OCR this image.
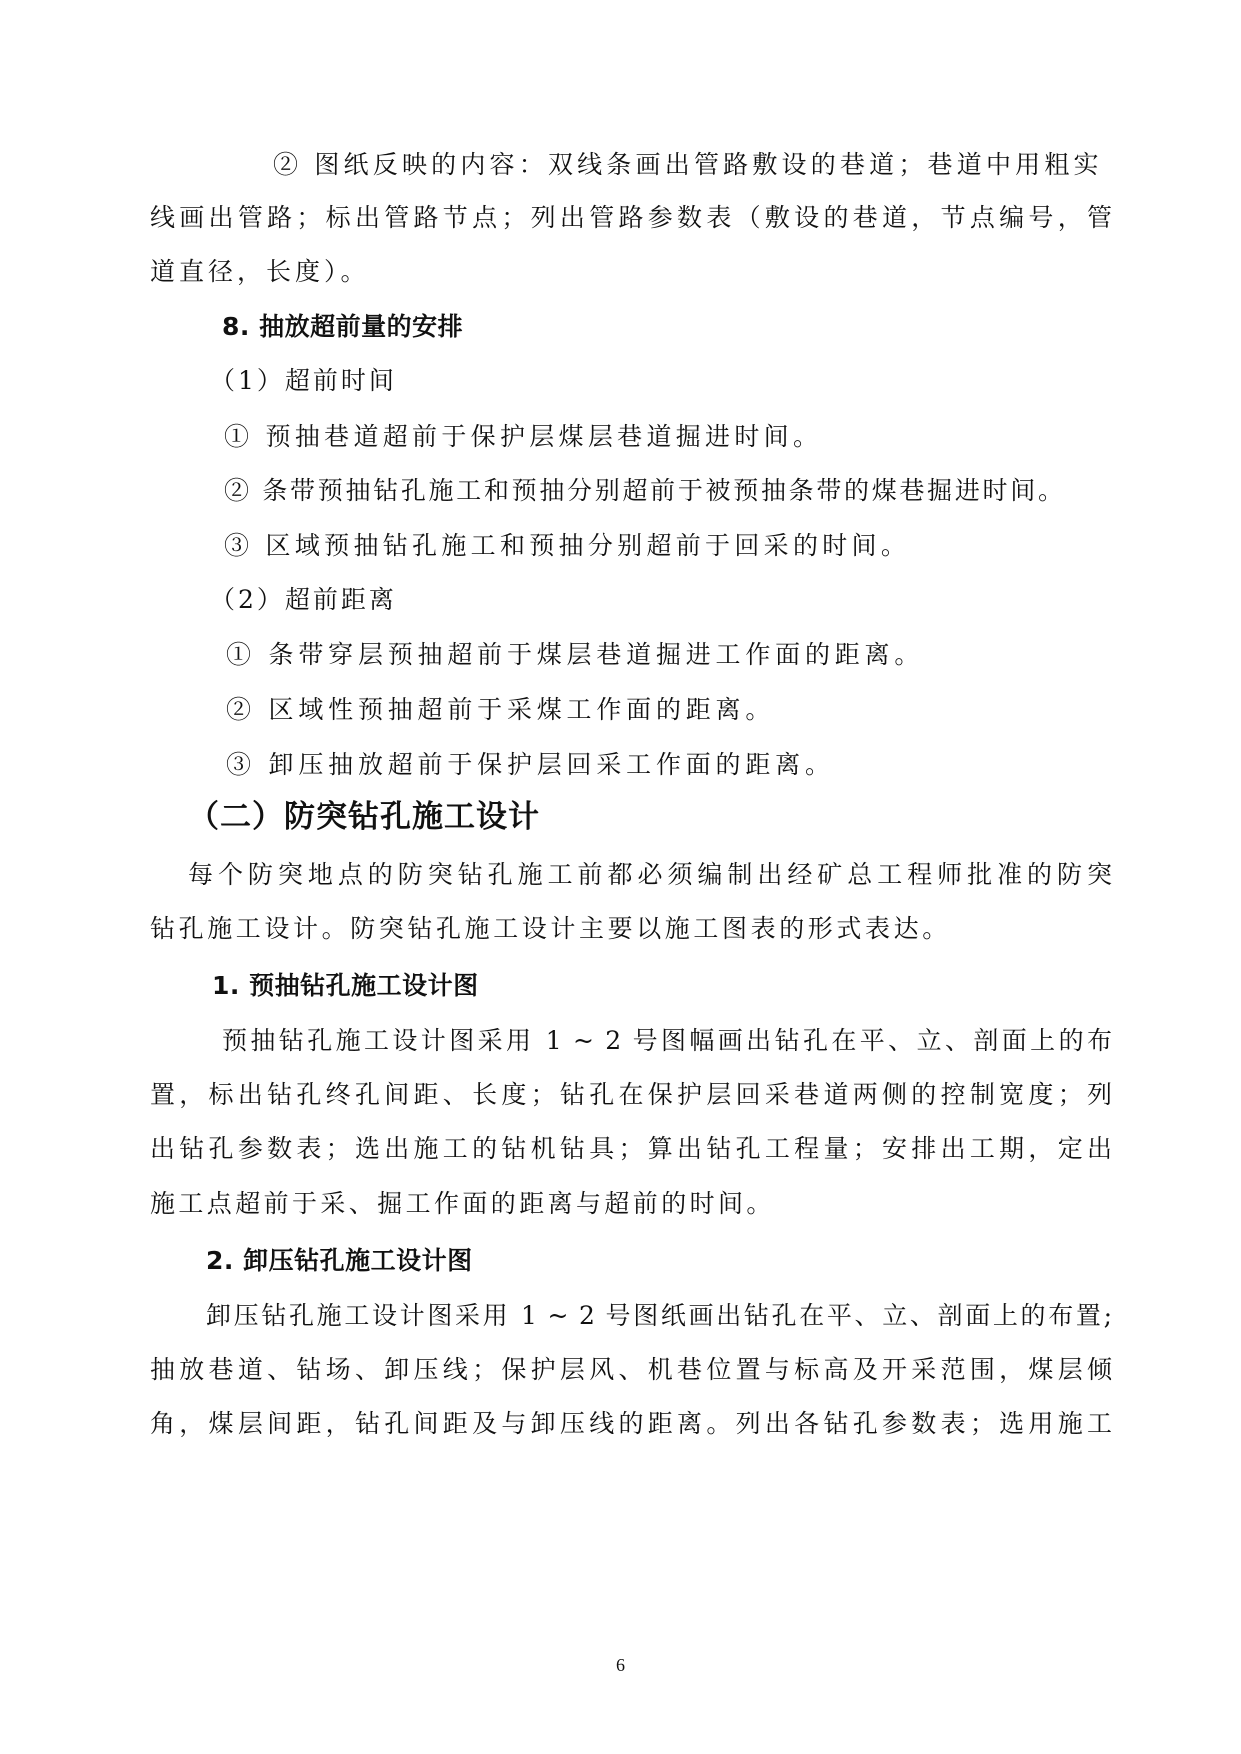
② 图纸反映的内容：双线条画出管路敷设的巷道；巷道中用粗实

线画出管路；标出管路节点；列出管路参数表（敷设的巷道，节点编号，管

道直径，长度）。

8. 抽放超前量的安排

（1）超前时间

① 预抽巷道超前于保护层煤层巷道掘进时间。

② 条带预抽钻孔施工和预抽分别超前于被预抽条带的煤巷掘进时间。

③ 区域预抽钻孔施工和预抽分别超前于回采的时间。

（2）超前距离

① 条带穿层预抽超前于煤层巷道掘进工作面的距离。

② 区域性预抽超前于采煤工作面的距离。

③ 卸压抽放超前于保护层回采工作面的距离。

（二）防突钻孔施工设计

每个防突地点的防突钻孔施工前都必须编制出经矿总工程师批准的防突

钻孔施工设计。防突钻孔施工设计主要以施工图表的形式表达。

1. 预抽钻孔施工设计图

预抽钻孔施工设计图采用 1 ~ 2 号图幅画出钻孔在平、立、剖面上的布

置，标出钻孔终孔间距、长度；钻孔在保护层回采巷道两侧的控制宽度；列

出钻孔参数表；选出施工的钻机钻具；算出钻孔工程量；安排出工期，定出

施工点超前于采、掘工作面的距离与超前的时间。

2. 卸压钻孔施工设计图

卸压钻孔施工设计图采用 1 ~ 2 号图纸画出钻孔在平、立、剖面上的布置;

抽放巷道、钻场、卸压线；保护层风、机巷位置与标高及开采范围，煤层倾

角，煤层间距，钻孔间距及与卸压线的距离。列出各钻孔参数表；选用施工

6
